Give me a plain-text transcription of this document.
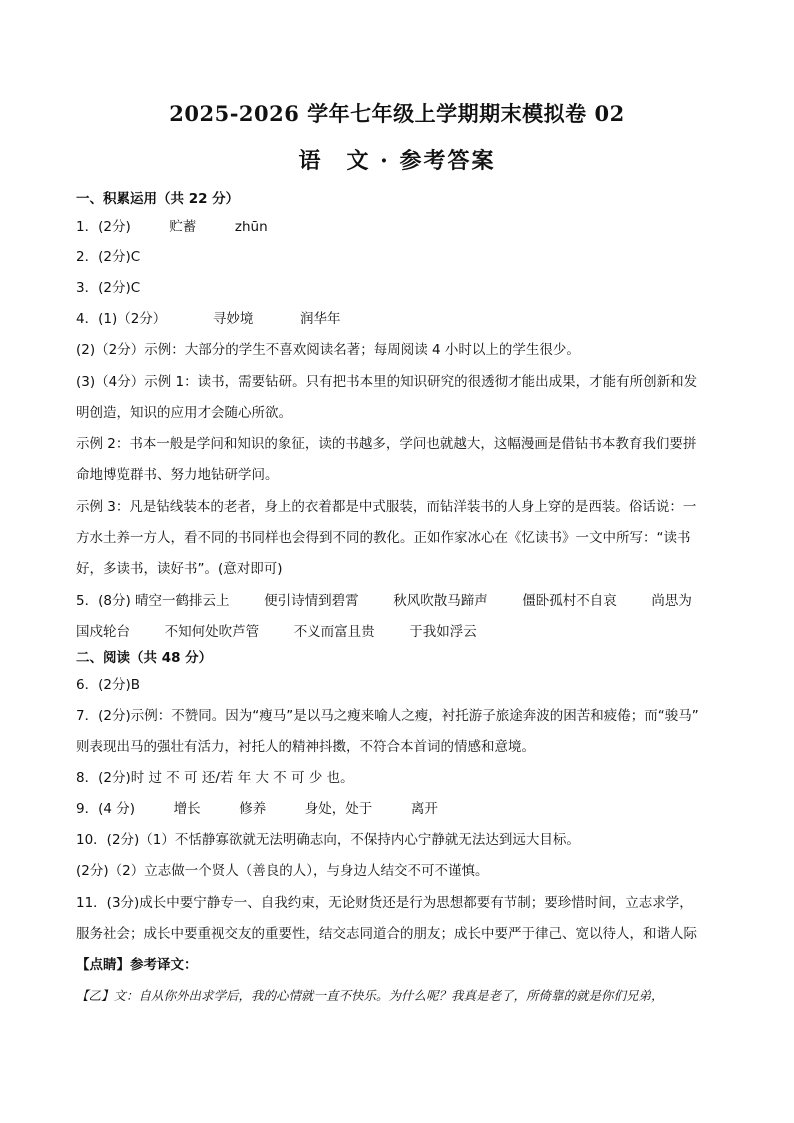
2025-2026 学年七年级上学期期末模拟卷 02
语　文 · 参考答案
一、积累运用（共 22 分）
1．(2分)	贮蓄	zhūn
2．(2分)C
3．(2分)C
4．(1)（2分）	寻妙境	润华年
(2)（2分）示例：大部分的学生不喜欢阅读名著；每周阅读 4 小时以上的学生很少。
(3)（4分）示例 1：读书，需要钻研。只有把书本里的知识研究的很透彻才能出成果，才能有所创新和发
明创造，知识的应用才会随心所欲。
示例 2：书本一般是学问和知识的象征，读的书越多，学问也就越大，这幅漫画是借钻书本教育我们要拼
命地博览群书、努力地钻研学问。
示例 3：凡是钻线装本的老者，身上的衣着都是中式服装，而钻洋装书的人身上穿的是西装。俗话说：一
方水土养一方人，看不同的书同样也会得到不同的教化。正如作家冰心在《忆读书》一文中所写：“读书
好，多读书，读好书”。(意对即可)
5．(8分) 晴空一鹤排云上	便引诗情到碧霄	秋风吹散马蹄声	僵卧孤村不自哀	尚思为
国戍轮台	不知何处吹芦管	不义而富且贵	于我如浮云
二、阅读（共 48 分）
6．(2分)B
7．(2分)示例：不赞同。因为“瘦马”是以马之瘦来喻人之瘦，衬托游子旅途奔波的困苦和疲倦；而“骏马”
则表现出马的强壮有活力，衬托人的精神抖擞，不符合本首词的情感和意境。
8．(2分)时 过 不 可 还/若 年 大 不 可 少 也。
9．(4 分)	增长	修养	身处，处于	离开
10．(2分)（1）不恬静寡欲就无法明确志向，不保持内心宁静就无法达到远大目标。
(2分)（2）立志做一个贤人（善良的人），与身边人结交不可不谨慎。
11．(3分)成长中要宁静专一、自我约束，无论财货还是行为思想都要有节制；要珍惜时间，立志求学，
服务社会；成长中要重视交友的重要性，结交志同道合的朋友；成长中要严于律己、宽以待人，和谐人际
【点睛】参考译文：
【乙】文：自从你外出求学后，我的心情就一直不快乐。为什么呢？我真是老了，所倚靠的就是你们兄弟，
